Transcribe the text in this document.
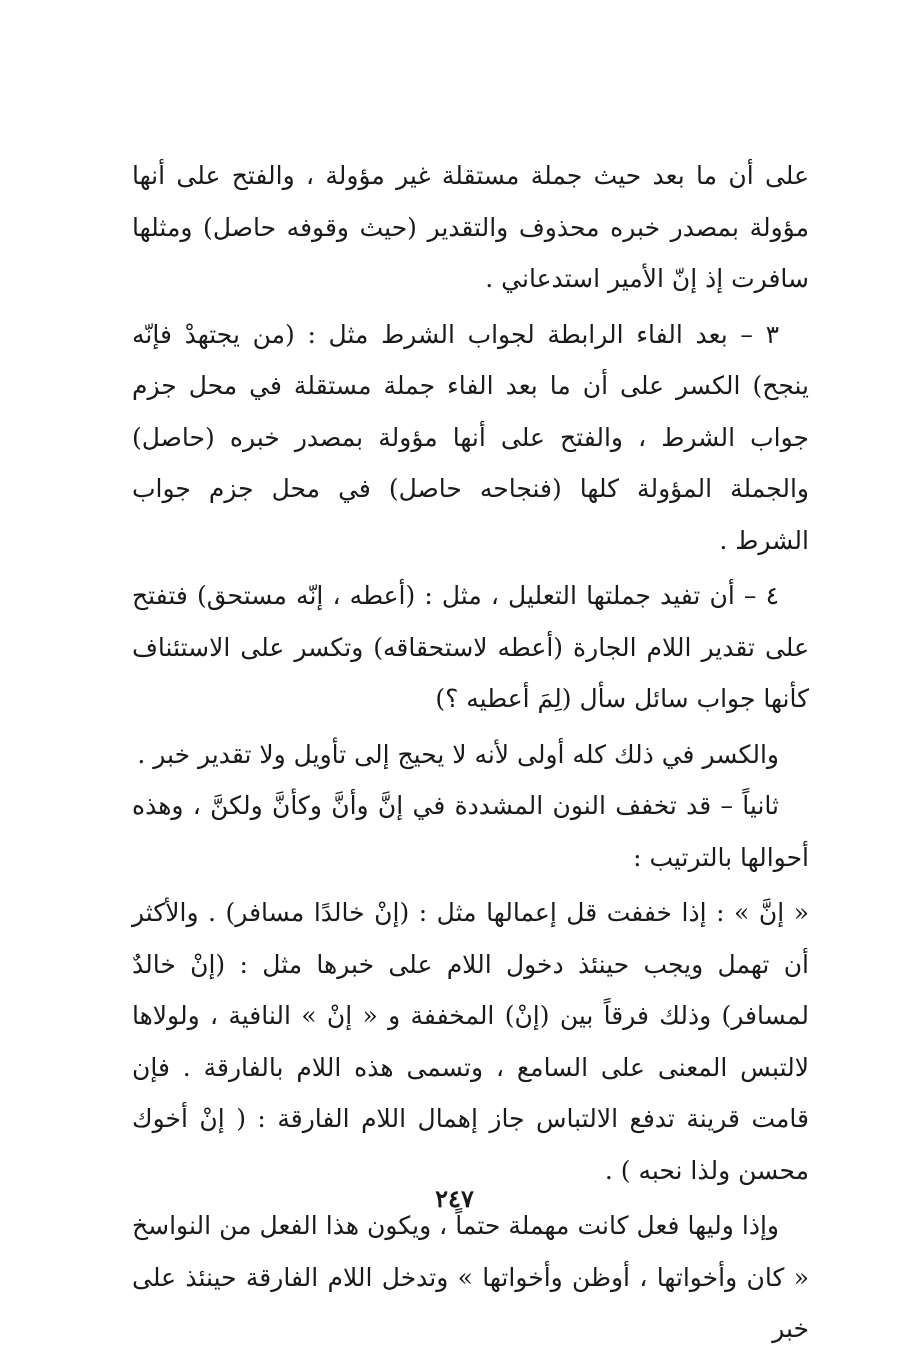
على أن ما بعد حيث جملة مستقلة غير مؤولة ، والفتح على أنها مؤولة بمصدر خبره محذوف والتقدير (حيث وقوفه حاصل) ومثلها سافرت إذ إنّ الأمير استدعاني .

٣ – بعد الفاء الرابطة لجواب الشرط مثل : (من يجتهدْ فإنّه ينجح) الكسر على أن ما بعد الفاء جملة مستقلة في محل جزم جواب الشرط ، والفتح على أنها مؤولة بمصدر خبره (حاصل) والجملة المؤولة كلها (فنجاحه حاصل) في محل جزم جواب الشرط .

٤ – أن تفيد جملتها التعليل ، مثل : (أعطه ، إنّه مستحق) فتفتح على تقدير اللام الجارة (أعطه لاستحقاقه) وتكسر على الاستئناف كأنها جواب سائل سأل (لِمَ أعطيه ؟)

والكسر في ذلك كله أولى لأنه لا يحيج إلى تأويل ولا تقدير خبر .

ثانياً – قد تخفف النون المشددة في إنَّ وأنَّ وكأنَّ ولكنَّ ، وهذه أحوالها بالترتيب :

« إنَّ » : إذا خففت قل إعمالها مثل : (إنْ خالدًا مسافر) . والأكثر أن تهمل ويجب حينئذ دخول اللام على خبرها مثل : (إنْ خالدٌ لمسافر) وذلك فرقاً بين (إنْ) المخففة و « إنْ » النافية ، ولولاها لالتبس المعنى على السامع ، وتسمى هذه اللام بالفارقة . فإن قامت قرينة تدفع الالتباس جاز إهمال اللام الفارقة : ( إنْ أخوك محسن ولذا نحبه ) .

وإذا وليها فعل كانت مهملة حتماً ، ويكون هذا الفعل من النواسخ « كان وأخواتها ، أوظن وأخواتها » وتدخل اللام الفارقة حينئذ على خبر

٢٤٧
